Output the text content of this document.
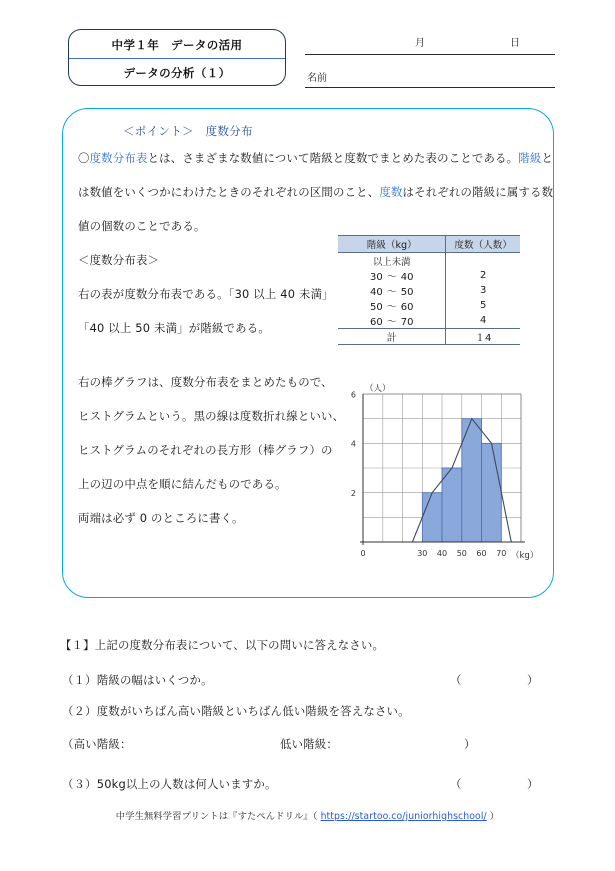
中学１年　データの活用
データの分析（１）
月	日
名前
＜ポイント＞　度数分布
〇度数分布表とは、さまざまな数値について階級と度数でまとめた表のことである。階級と
は数値をいくつかにわけたときのそれぞれの区間のこと、度数はそれぞれの階級に属する数
値の個数のことである。
＜度数分布表＞
右の表が度数分布表である。「30 以上 40 未満」
「40 以上 50 未満」が階級である。
右の棒グラフは、度数分布表をまとめたもので、
ヒストグラムという。黒の線は度数折れ線といい、
ヒストグラムのそれぞれの長方形（棒グラフ）の
上の辺の中点を順に結んだものである。
両端は必ず 0 のところに書く。
階級（kg）	度数（人数）
以上未満	
30 〜 40	2
40 〜 50	3
50 〜 60	5
60 〜 70	4
計	１4
（人）
（kg）
6
4
2
0	30 40 50 60 70
【１】上記の度数分布表について、以下の問いに答えなさい。
（１）階級の幅はいくつか。	（	）
（２）度数がいちばん高い階級といちばん低い階級を答えなさい。
（高い階級：	低い階級：	）
（３）50kg以上の人数は何人いますか。	（	）
中学生無料学習プリントは『すたぺんドリル』（ https://startoo.co/juniorhighschool/ ）
